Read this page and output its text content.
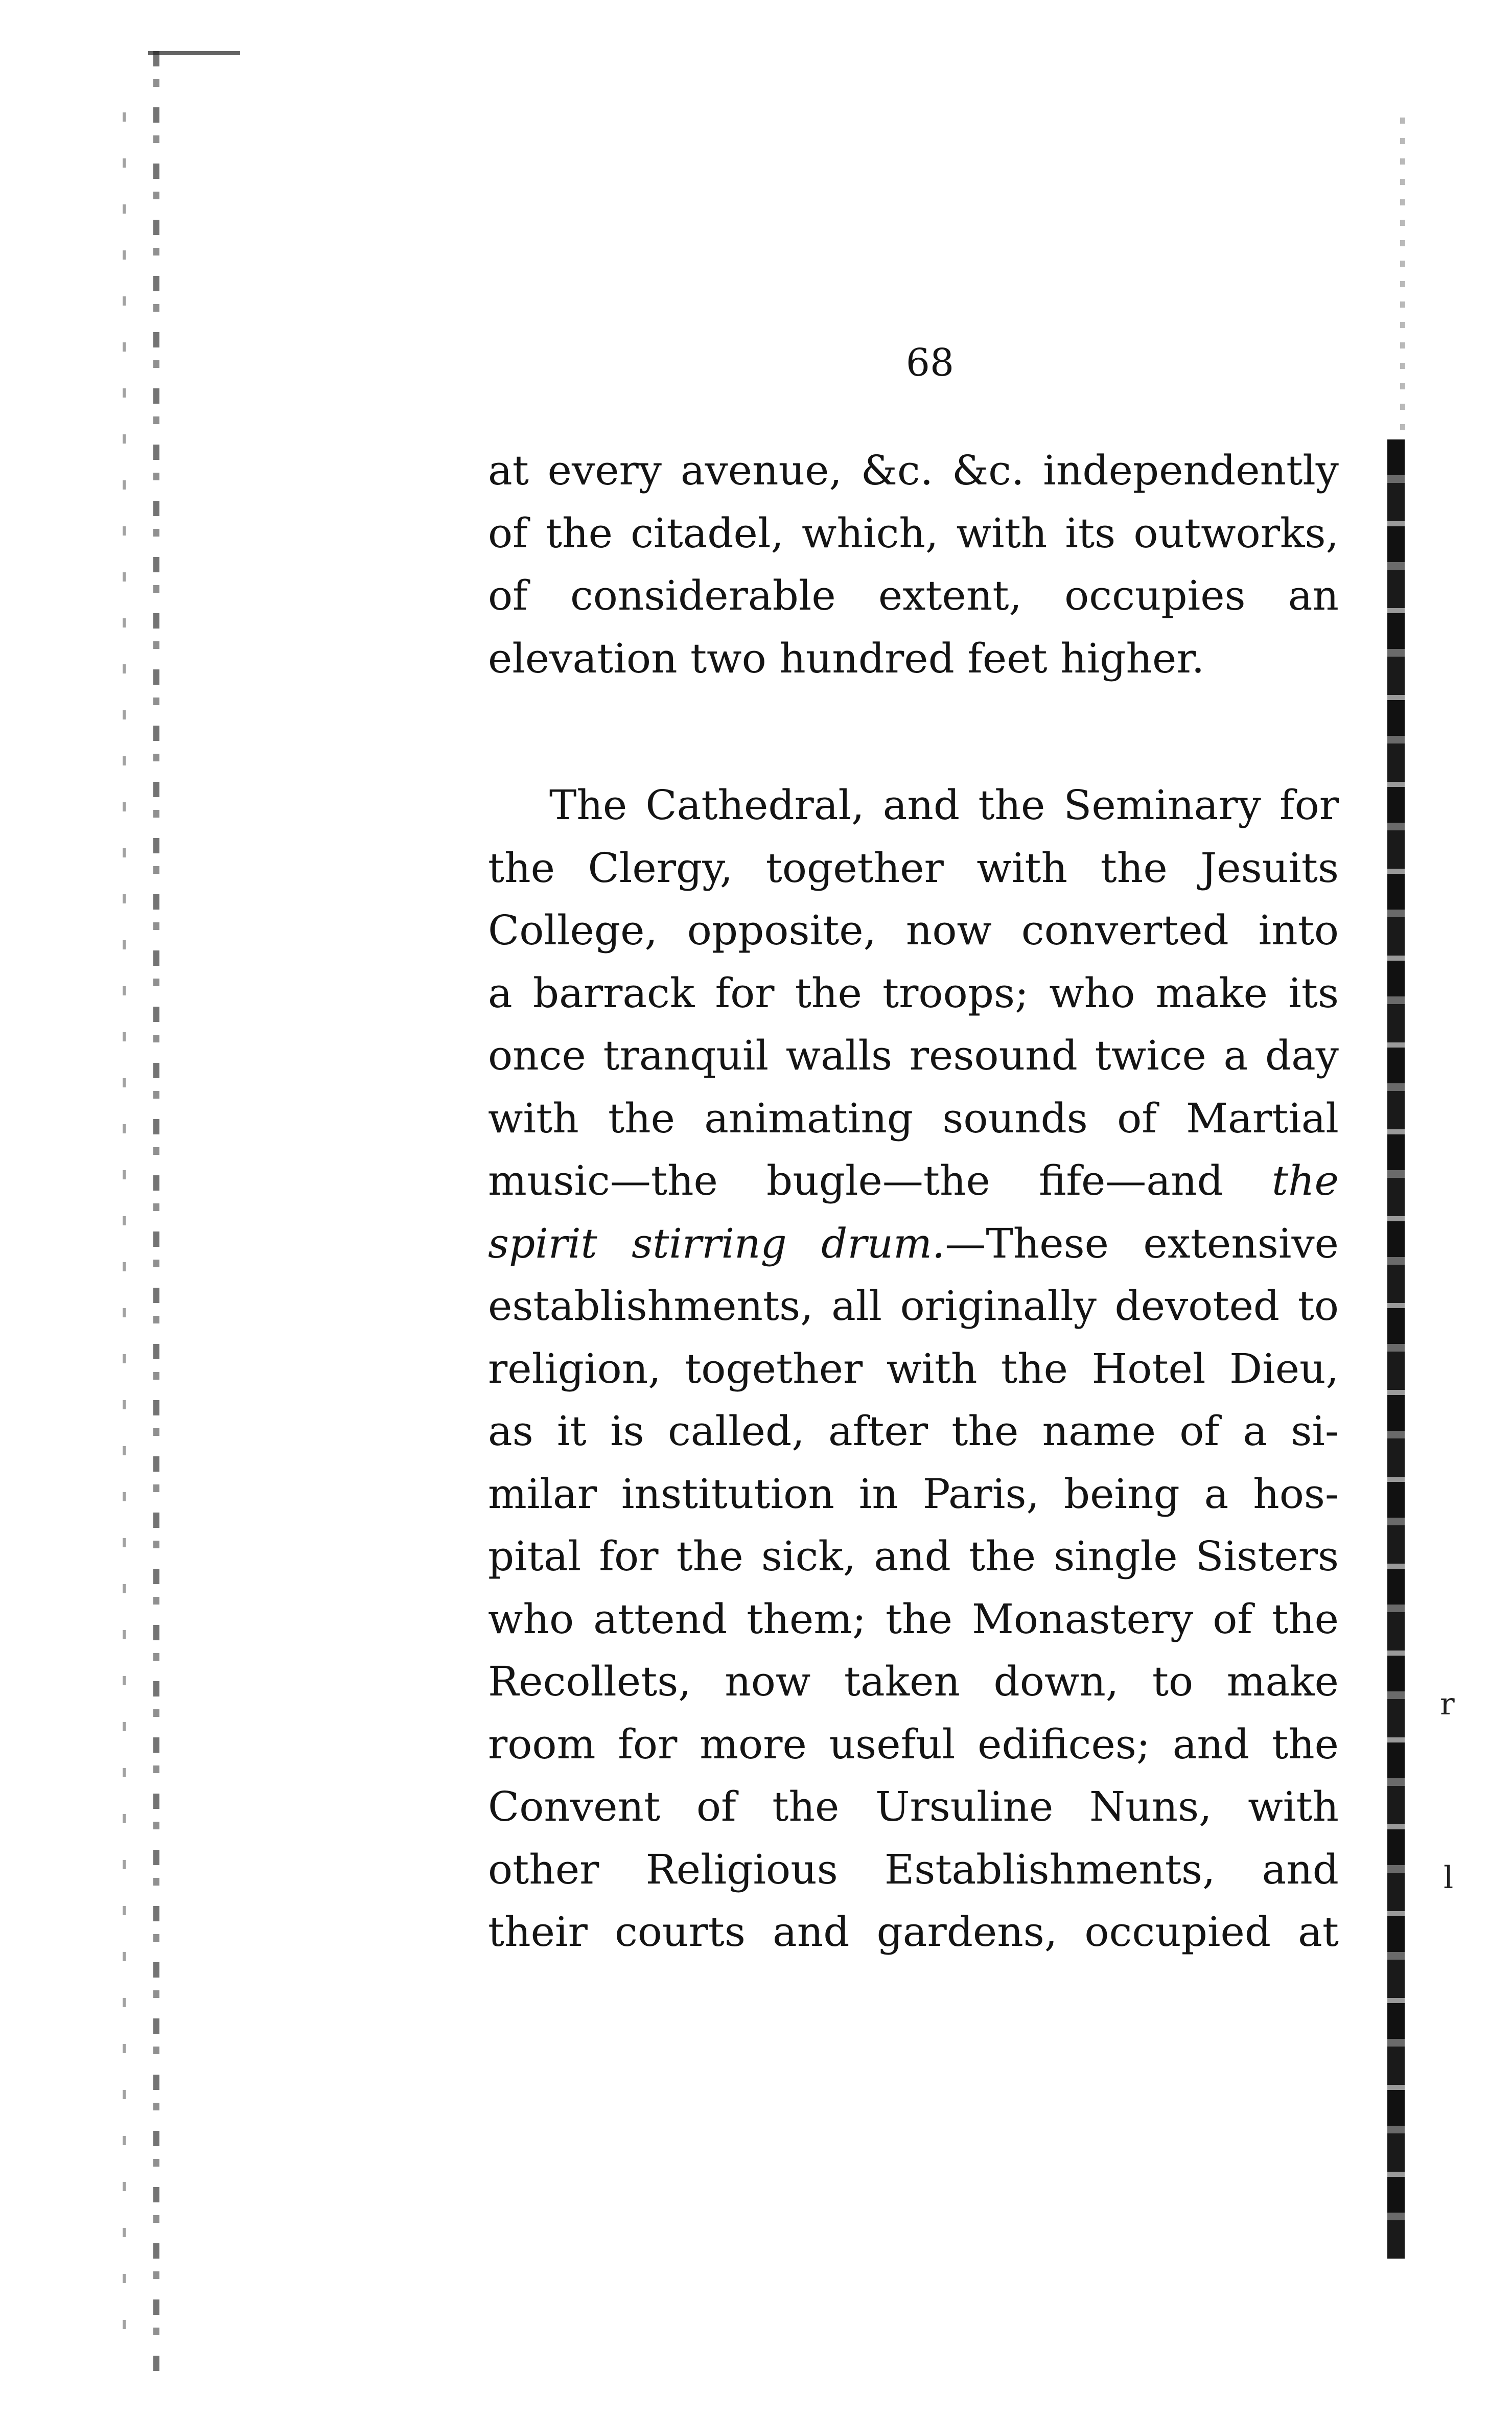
r
l

68

at every avenue, &c. &c. independently
of the citadel, which, with its outworks,
of considerable extent, occupies an
elevation two hundred feet higher.
The Cathedral, and the Seminary for
the Clergy, together with the Jesuits
College, opposite, now converted into
a barrack for the troops; who make its
once tranquil walls resound twice a day
with the animating sounds of Martial
music—the bugle—the fife—and the
spirit stirring drum.—These extensive
establishments, all originally devoted to
religion, together with the Hotel Dieu,
as it is called, after the name of a si-
milar institution in Paris, being a hos-
pital for the sick, and the single Sisters
who attend them; the Monastery of the
Recollets, now taken down, to make
room for more useful edifices; and the
Convent of the Ursuline Nuns, with
other Religious Establishments, and
their courts and gardens, occupied at
